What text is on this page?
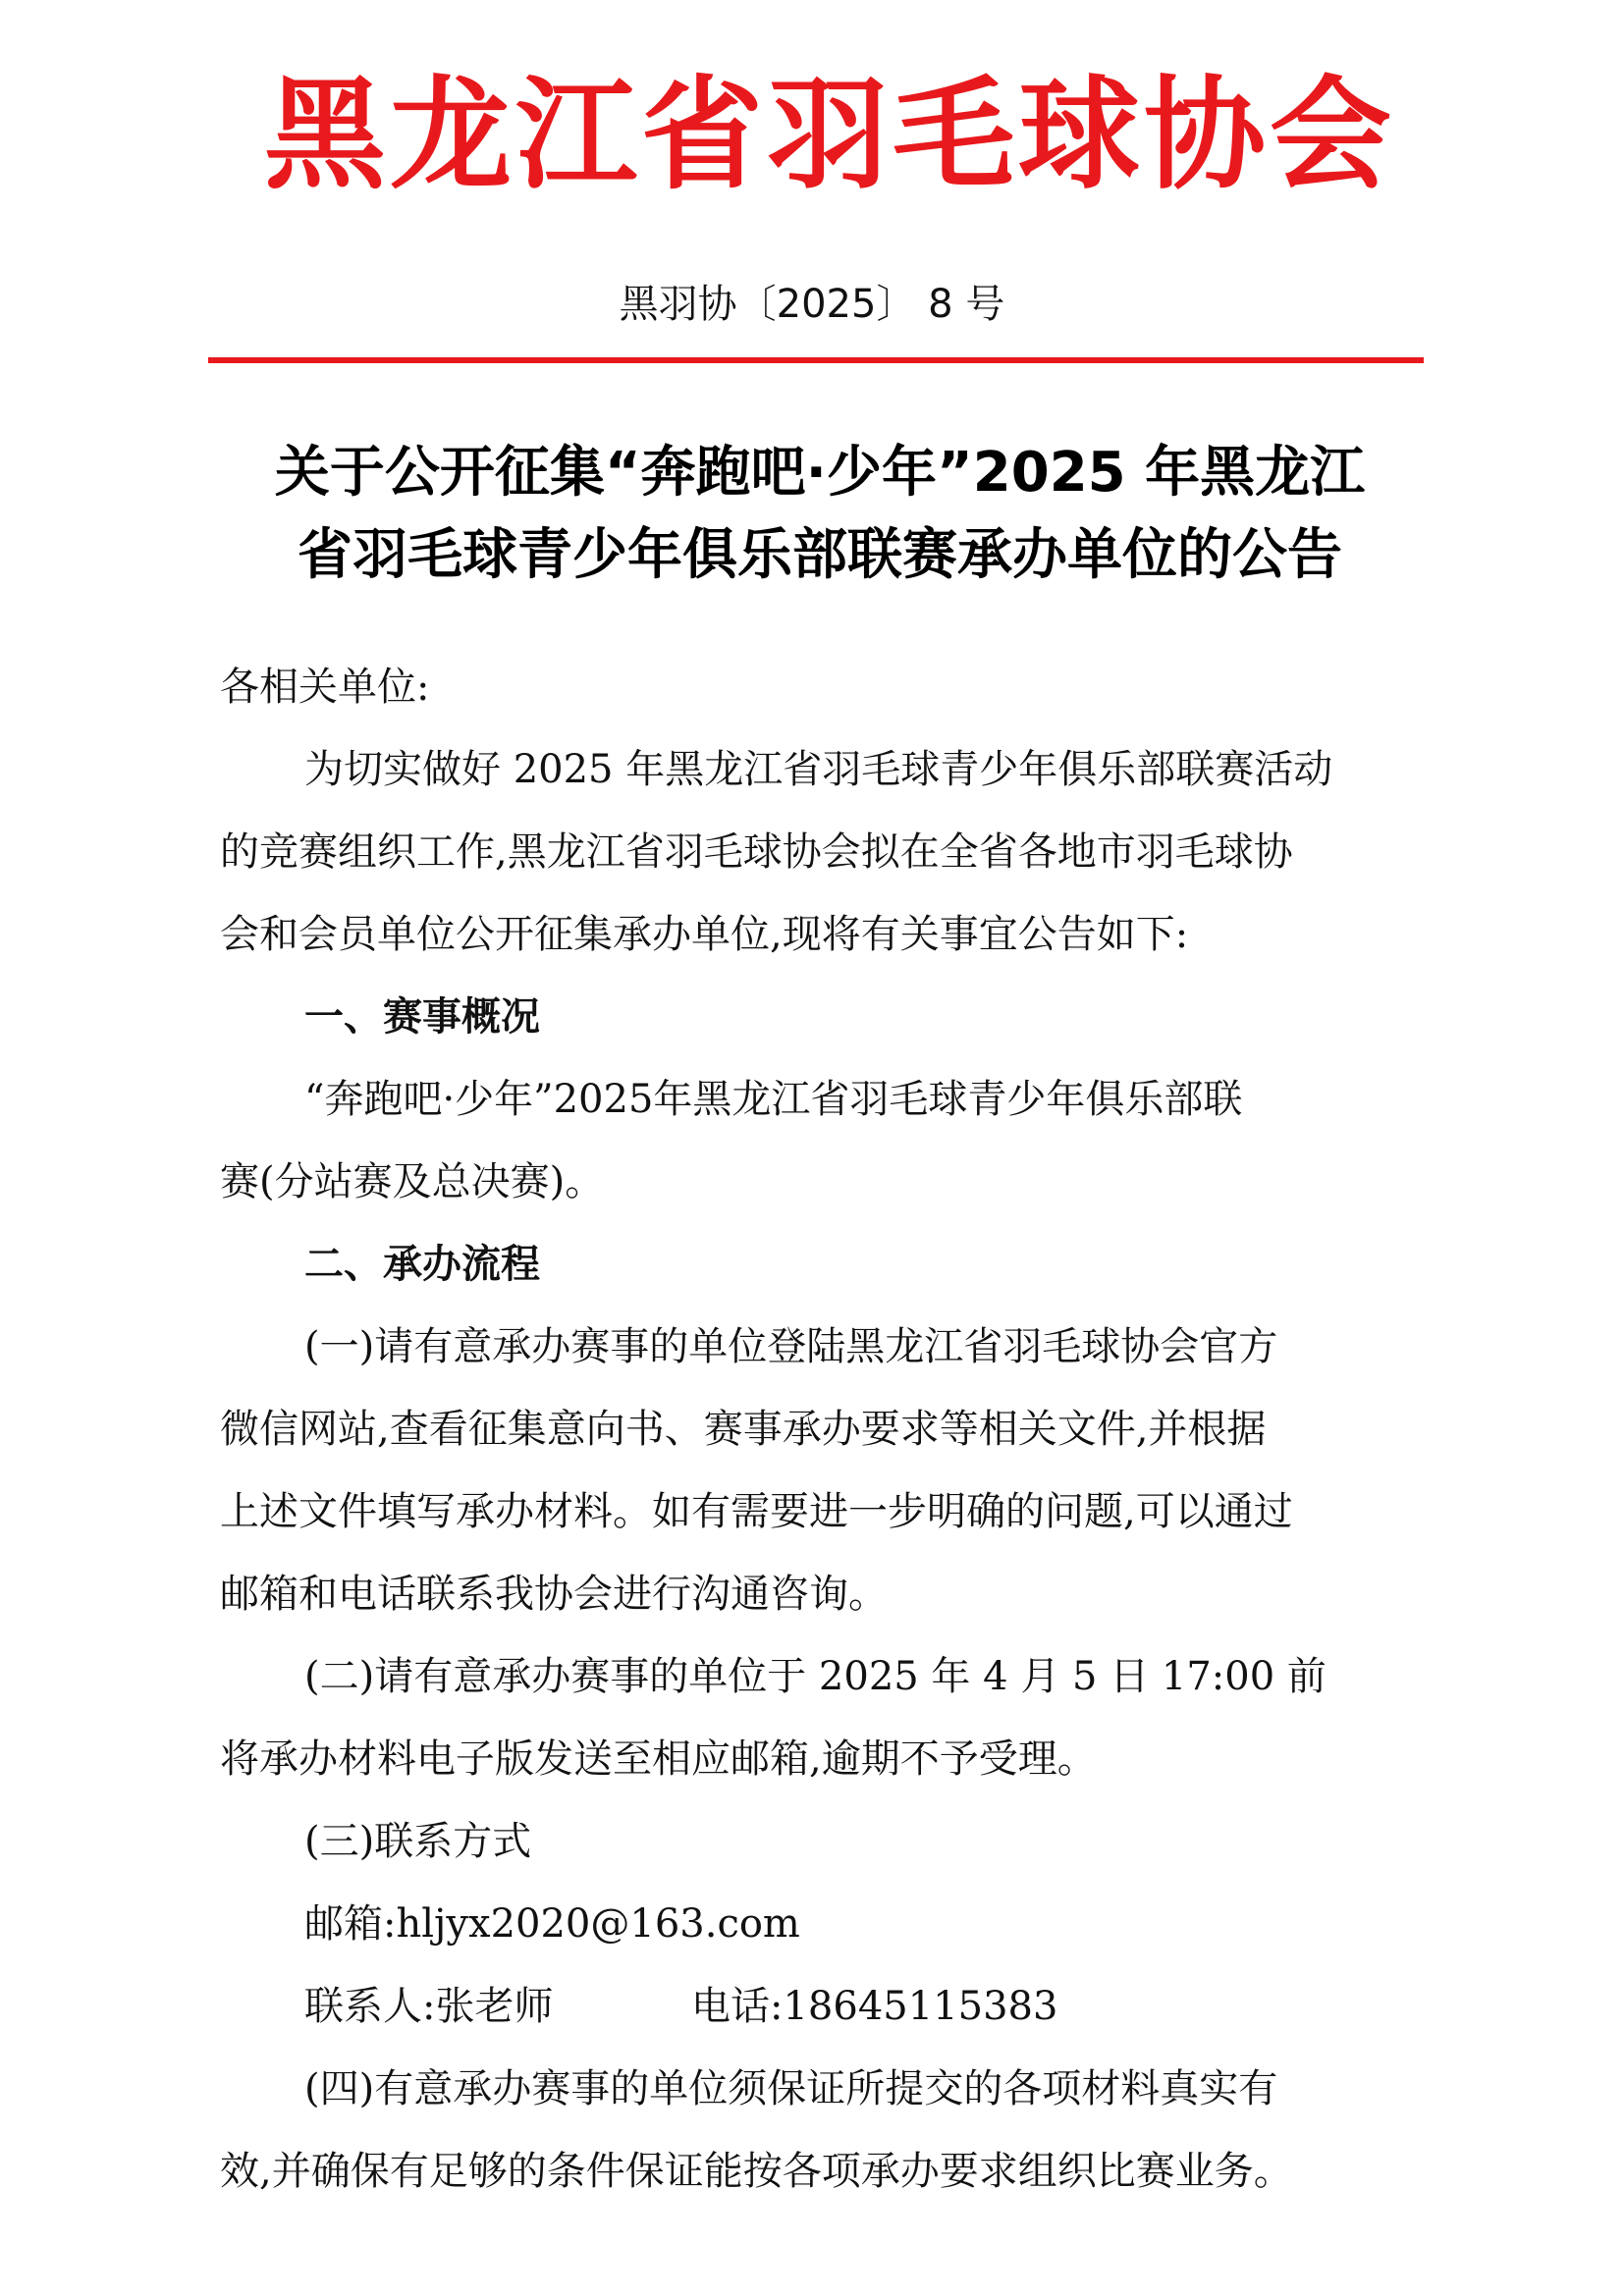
黑龙江省羽毛球协会
黑羽协〔2025〕 8 号
关于公开征集“奔跑吧·少年”2025 年黑龙江
省羽毛球青少年俱乐部联赛承办单位的公告
各相关单位:
为切实做好 2025 年黑龙江省羽毛球青少年俱乐部联赛活动
的竞赛组织工作,黑龙江省羽毛球协会拟在全省各地市羽毛球协
会和会员单位公开征集承办单位,现将有关事宜公告如下:
一、赛事概况
“奔跑吧·少年”2025年黑龙江省羽毛球青少年俱乐部联
赛(分站赛及总决赛)。
二、承办流程
(一)请有意承办赛事的单位登陆黑龙江省羽毛球协会官方
微信网站,查看征集意向书、赛事承办要求等相关文件,并根据
上述文件填写承办材料。如有需要进一步明确的问题,可以通过
邮箱和电话联系我协会进行沟通咨询。
(二)请有意承办赛事的单位于 2025 年 4 月 5 日 17:00 前
将承办材料电子版发送至相应邮箱,逾期不予受理。
(三)联系方式
邮箱:hljyx2020@163.com
联系人:张老师	电话:18645115383
(四)有意承办赛事的单位须保证所提交的各项材料真实有
效,并确保有足够的条件保证能按各项承办要求组织比赛业务。
